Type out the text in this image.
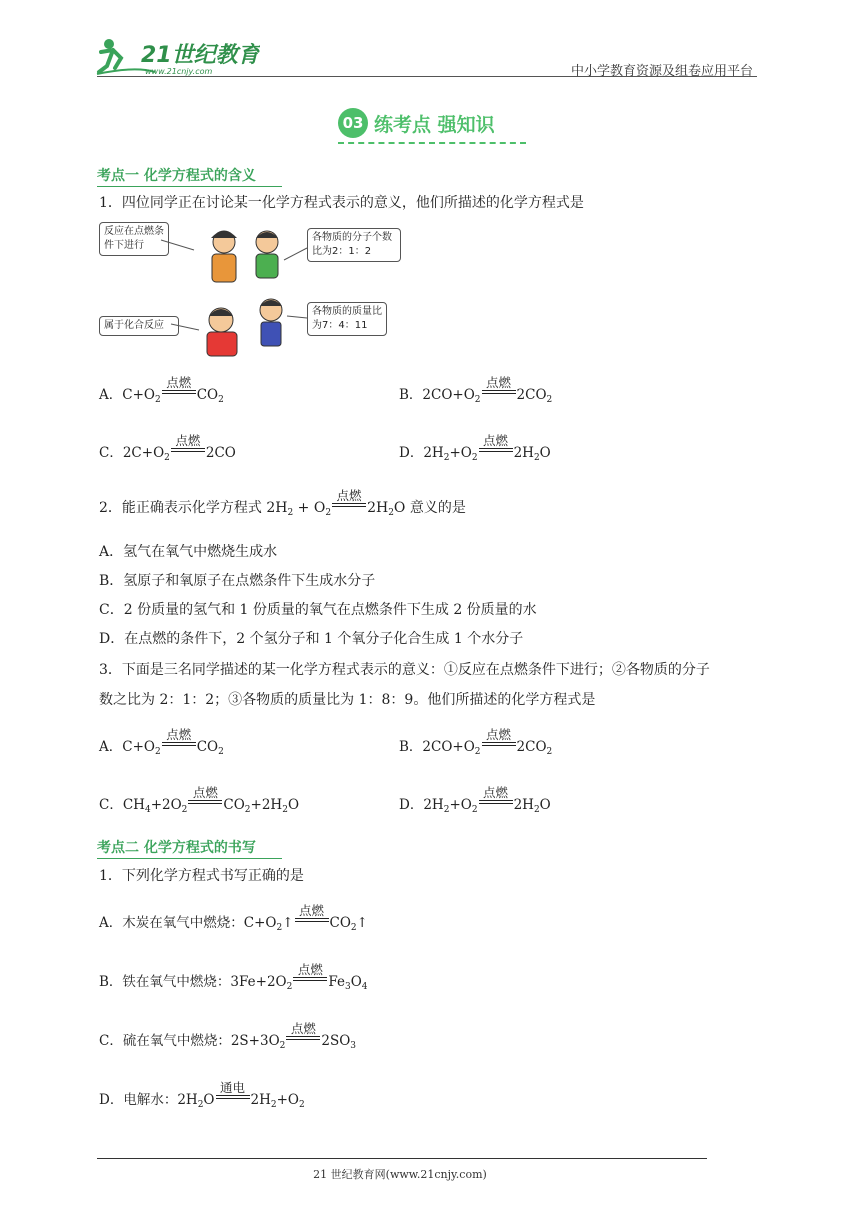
21世纪教育
www.21cnjy.com	中小学教育资源及组卷应用平台
03 练考点 强知识
考点一 化学方程式的含义
1．四位同学正在讨论某一化学方程式表示的意义，他们所描述的化学方程式是
反应在点燃条件下进行
各物质的分子个数比为2：1：2
属于化合反应
各物质的质量比为7：4：11
A．$C+O_2$
点燃
$CO_2$	B．$2CO+O_2$
点燃
$2CO_2$
C．$2C+O_2$
点燃
2CO	D．$2H_2+O_2$
点燃
$2H_2O$
2．能正确表示化学方程式 $2H_2 + O_2$
点燃
$2H_2O$ 意义的是
A．氢气在氧气中燃烧生成水
B．氢原子和氧原子在点燃条件下生成水分子
C．2 份质量的氢气和 1 份质量的氧气在点燃条件下生成 2 份质量的水
D．在点燃的条件下，2 个氢分子和 1 个氧分子化合生成 1 个水分子
3．下面是三名同学描述的某一化学方程式表示的意义：①反应在点燃条件下进行；②各物质的分子
数之比为 2：1：2；③各物质的质量比为 1：8：9。他们所描述的化学方程式是
A．$C+O_2$
点燃
$CO_2$	B．$2CO+O_2$
点燃
$2CO_2$
C．$CH_4+2O_2$
点燃
$CO_2+2H_2O$	D．$2H_2+O_2$
点燃
$2H_2O$
考点二 化学方程式的书写
1．下列化学方程式书写正确的是
A．木炭在氧气中燃烧：$C+O_2↑$
点燃
$CO_2↑$
B．铁在氧气中燃烧：$3Fe+2O_2$
点燃
$Fe_3O_4$
C．硫在氧气中燃烧：$2S+3O_2$
点燃
$2SO_3$
D．电解水：$2H_2O$
通电
$2H_2+O_2$
21 世纪教育网(www.21cnjy.com)
